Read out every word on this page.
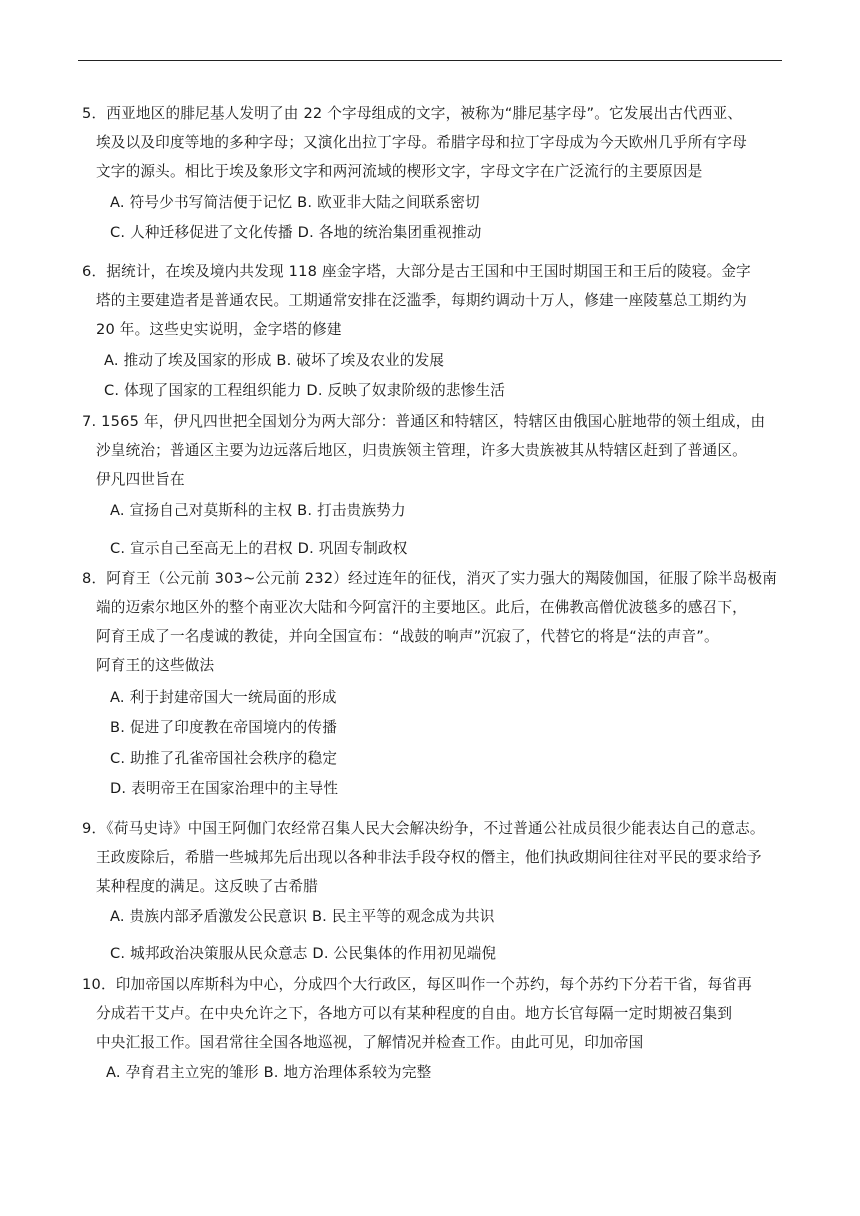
5．西亚地区的腓尼基人发明了由 22 个字母组成的文字，被称为“腓尼基字母”。它发展出古代西亚、
埃及以及印度等地的多种字母；又演化出拉丁字母。希腊字母和拉丁字母成为今天欧州几乎所有字母
文字的源头。相比于埃及象形文字和两河流域的楔形文字，字母文字在广泛流行的主要原因是
A. 符号少书写简洁便于记忆 B. 欧亚非大陆之间联系密切
C. 人种迁移促进了文化传播 D. 各地的统治集团重视推动
6．据统计，在埃及境内共发现 118 座金字塔，大部分是古王国和中王国时期国王和王后的陵寝。金字
塔的主要建造者是普通农民。工期通常安排在泛滥季，每期约调动十万人，修建一座陵墓总工期约为
20 年。这些史实说明，金字塔的修建
A. 推动了埃及国家的形成 B. 破坏了埃及农业的发展
C. 体现了国家的工程组织能力 D. 反映了奴隶阶级的悲惨生活
7. 1565 年，伊凡四世把全国划分为两大部分：普通区和特辖区，特辖区由俄国心脏地带的领土组成，由
沙皇统治；普通区主要为边远落后地区，归贵族领主管理，许多大贵族被其从特辖区赶到了普通区。
伊凡四世旨在
A. 宣扬自己对莫斯科的主权 B. 打击贵族势力
C. 宣示自己至高无上的君权 D. 巩固专制政权
8．阿育王（公元前 303~公元前 232）经过连年的征伐，消灭了实力强大的羯陵伽国，征服了除半岛极南
端的迈索尔地区外的整个南亚次大陆和今阿富汗的主要地区。此后，在佛教高僧优波毯多的感召下，
阿育王成了一名虔诚的教徒，并向全国宣布：“战鼓的响声”沉寂了，代替它的将是“法的声音”。
阿育王的这些做法
A. 利于封建帝国大一统局面的形成
B. 促进了印度教在帝国境内的传播
C. 助推了孔雀帝国社会秩序的稳定
D. 表明帝王在国家治理中的主导性
9．《荷马史诗》中国王阿伽门农经常召集人民大会解决纷争，不过普通公社成员很少能表达自己的意志。
王政废除后，希腊一些城邦先后出现以各种非法手段夺权的僭主，他们执政期间往往对平民的要求给予
某种程度的满足。这反映了古希腊
A. 贵族内部矛盾激发公民意识 B. 民主平等的观念成为共识
C. 城邦政治决策服从民众意志 D. 公民集体的作用初见端倪
10．印加帝国以库斯科为中心，分成四个大行政区，每区叫作一个苏约，每个苏约下分若干省，每省再
分成若干艾卢。在中央允许之下，各地方可以有某种程度的自由。地方长官每隔一定时期被召集到
中央汇报工作。国君常往全国各地巡视，了解情况并检查工作。由此可见，印加帝国
A. 孕育君主立宪的雏形 B. 地方治理体系较为完整
